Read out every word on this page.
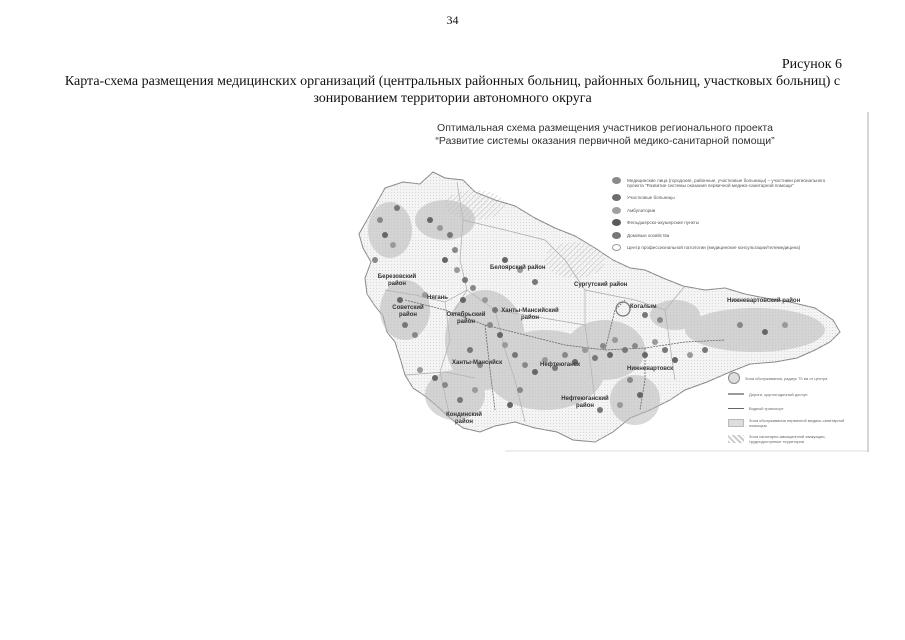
34
Рисунок 6
Карта-схема размещения медицинских организаций (центральных районных больниц, районных больниц, участковых больниц) с зонированием территории автономного округа
Оптимальная схема размещения участников регионального проекта
“Развитие системы оказания первичной медико-санитарной помощи”
Медицинские лица (городские, районные, участковые больницы) – участники регионального проекта “Развитие системы оказания первичной медико-санитарной помощи”
Участковые больницы
Амбулатории
Фельдшерско-акушерские пункты
Домовые хозяйства
Центр профессиональной патологии (медицинские консультации/телемедицина)
Зона обслуживания, радиус 70 км от центра
Дороги, круглогодичный доступ
Водный транспорт
Зона обслуживания первичной медико-санитарной помощью
Зона санитарно-авиационной эвакуации, труднодоступные территории
Березовский район
Белоярский район
Советский район	Октябрьский район
Ханты-Мансийский район
Ханты-Мансийск
Сургутский район
Когалым
Нижневартовский район
Нефтеюганск
Нефтеюганский район
Нижневартовск
Кондинский район
Нягань
